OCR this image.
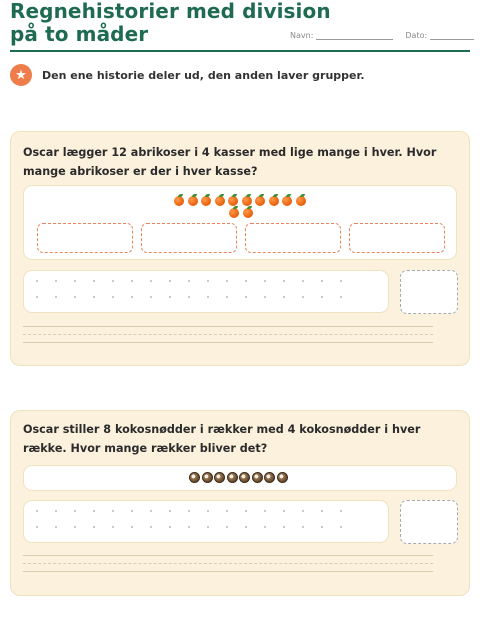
Regnehistorier med division
på to måder	Navn:	Dato:
★	Den ene historie deler ud, den anden laver grupper.
Oscar lægger 12 abrikoser i 4 kasser med lige mange i hver. Hvor mange abrikoser er der i hver kasse?
Oscar stiller 8 kokosnødder i rækker med 4 kokosnødder i hver række. Hvor mange rækker bliver det?
